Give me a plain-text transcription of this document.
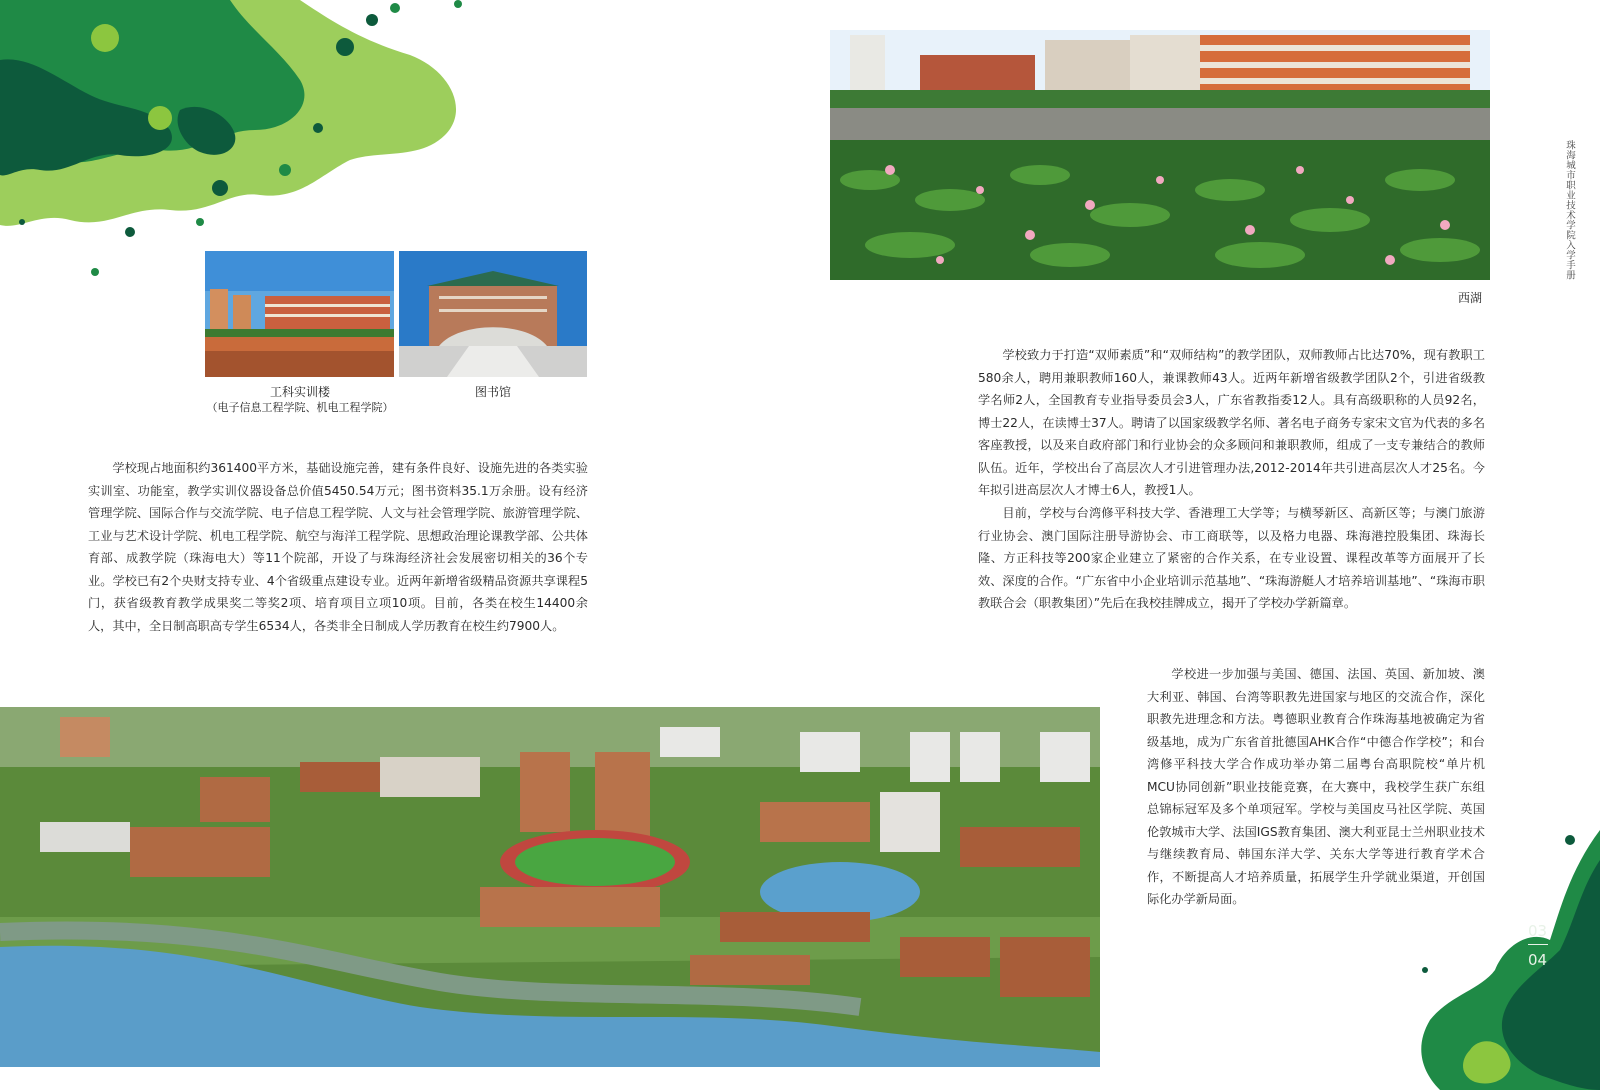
西湖
珠海城市职业技术学院入学手册
工科实训楼
（电子信息工程学院、机电工程学院）
图书馆

学校现占地面积约361400平方米，基础设施完善，建有条件良好、设施先进的各类实验实训室、功能室，教学实训仪器设备总价值5450.54万元；图书资料35.1万余册。设有经济管理学院、国际合作与交流学院、电子信息工程学院、人文与社会管理学院、旅游管理学院、工业与艺术设计学院、机电工程学院、航空与海洋工程学院、思想政治理论课教学部、公共体育部、成教学院（珠海电大）等11个院部，开设了与珠海经济社会发展密切相关的36个专业。学校已有2个央财支持专业、4个省级重点建设专业。近两年新增省级精品资源共享课程5门，获省级教育教学成果奖二等奖2项、培育项目立项10项。目前，各类在校生14400余人，其中，全日制高职高专学生6534人，各类非全日制成人学历教育在校生约7900人。

学校致力于打造“双师素质”和“双师结构”的教学团队，双师教师占比达70%，现有教职工580余人，聘用兼职教师160人，兼课教师43人。近两年新增省级教学团队2个，引进省级教学名师2人，全国教育专业指导委员会3人，广东省教指委12人。具有高级职称的人员92名，博士22人，在读博士37人。聘请了以国家级教学名师、著名电子商务专家宋文官为代表的多名客座教授，以及来自政府部门和行业协会的众多顾问和兼职教师，组成了一支专兼结合的教师队伍。近年，学校出台了高层次人才引进管理办法,2012-2014年共引进高层次人才25名。今年拟引进高层次人才博士6人，教授1人。

目前，学校与台湾修平科技大学、香港理工大学等；与横琴新区、高新区等；与澳门旅游行业协会、澳门国际注册导游协会、市工商联等，以及格力电器、珠海港控股集团、珠海长隆、方正科技等200家企业建立了紧密的合作关系，在专业设置、课程改革等方面展开了长效、深度的合作。“广东省中小企业培训示范基地”、“珠海游艇人才培养培训基地”、“珠海市职教联合会（职教集团）”先后在我校挂牌成立，揭开了学校办学新篇章。

学校进一步加强与美国、德国、法国、英国、新加坡、澳大利亚、韩国、台湾等职教先进国家与地区的交流合作，深化职教先进理念和方法。粤德职业教育合作珠海基地被确定为省级基地，成为广东省首批德国AHK合作“中德合作学校”；和台湾修平科技大学合作成功举办第二届粤台高职院校“单片机MCU协同创新”职业技能竞赛，在大赛中，我校学生获广东组总锦标冠军及多个单项冠军。学校与美国皮马社区学院、英国伦敦城市大学、法国IGS教育集团、澳大利亚昆士兰州职业技术与继续教育局、韩国东洋大学、关东大学等进行教育学术合作，不断提高人才培养质量，拓展学生升学就业渠道，开创国际化办学新局面。

03
04
